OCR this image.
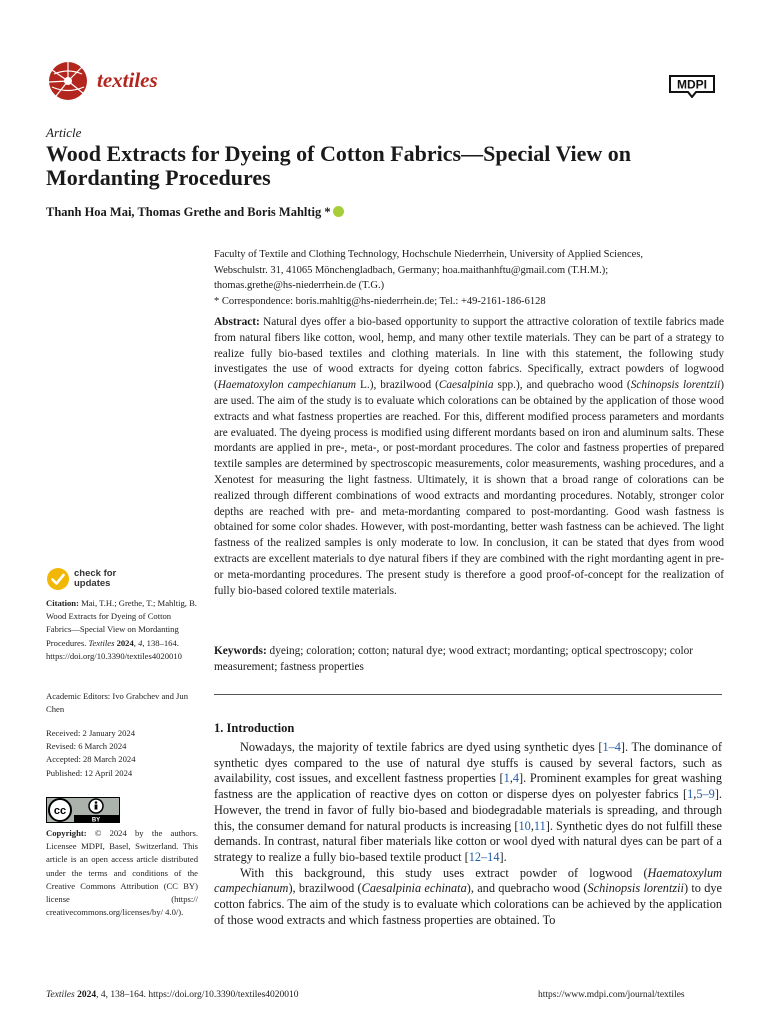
textiles	MDPI
Article
Wood Extracts for Dyeing of Cotton Fabrics—Special View on Mordanting Procedures
Thanh Hoa Mai, Thomas Grethe and Boris Mahltig *
Faculty of Textile and Clothing Technology, Hochschule Niederrhein, University of Applied Sciences,
Webschulstr. 31, 41065 Mönchengladbach, Germany; hoa.maithanhftu@gmail.com (T.H.M.);
thomas.grethe@hs-niederrhein.de (T.G.)
* Correspondence: boris.mahltig@hs-niederrhein.de; Tel.: +49-2161-186-6128
Abstract: Natural dyes offer a bio-based opportunity to support the attractive coloration of textile fabrics made from natural fibers like cotton, wool, hemp, and many other textile materials. They can be part of a strategy to realize fully bio-based textiles and clothing materials. In line with this statement, the following study investigates the use of wood extracts for dyeing cotton fabrics. Specifically, extract powders of logwood (Haematoxylon campechianum L.), brazilwood (Caesalpinia spp.), and quebracho wood (Schinopsis lorentzii) are used. The aim of the study is to evaluate which colorations can be obtained by the application of those wood extracts and what fastness properties are reached. For this, different modified process parameters and mordants are evaluated. The dyeing process is modified using different mordants based on iron and aluminum salts. These mordants are applied in pre-, meta-, or post-mordant procedures. The color and fastness properties of prepared textile samples are determined by spectroscopic measurements, color measurements, washing procedures, and a Xenotest for measuring the light fastness. Ultimately, it is shown that a broad range of colorations can be realized through different combinations of wood extracts and mordanting procedures. Notably, stronger color depths are reached with pre- and meta-mordanting compared to post-mordanting. Good wash fastness is obtained for some color shades. However, with post-mordanting, better wash fastness can be achieved. The light fastness of the realized samples is only moderate to low. In conclusion, it can be stated that dyes from wood extracts are excellent materials to dye natural fibers if they are combined with the right mordanting agent in pre- or meta-mordanting procedures. The present study is therefore a good proof-of-concept for the realization of fully bio-based colored textile materials.
Keywords: dyeing; coloration; cotton; natural dye; wood extract; mordanting; optical spectroscopy; color measurement; fastness properties
1. Introduction

Nowadays, the majority of textile fabrics are dyed using synthetic dyes [1–4]. The dominance of synthetic dyes compared to the use of natural dye stuffs is caused by several factors, such as availability, cost issues, and excellent fastness properties [1,4]. Prominent examples for great washing fastness are the application of reactive dyes on cotton or disperse dyes on polyester fabrics [1,5–9]. However, the trend in favor of fully bio-based and biodegradable materials is spreading, and through this, the consumer demand for natural products is increasing [10,11]. Synthetic dyes do not fulfill these demands. In contrast, natural fiber materials like cotton or wool dyed with natural dyes can be part of a strategy to realize a fully bio-based textile product [12–14].

With this background, this study uses extract powder of logwood (Haematoxylum campechianum), brazilwood (Caesalpinia echinata), and quebracho wood (Schinopsis lorentzii) to dye cotton fabrics. The aim of the study is to evaluate which colorations can be achieved by the application of those wood extracts and which fastness properties are obtained. To

check for
updates
Citation: Mai, T.H.; Grethe, T.; Mahltig, B. Wood Extracts for Dyeing of Cotton Fabrics—Special View on Mordanting Procedures. Textiles 2024, 4, 138–164. https://doi.org/10.3390/textiles4020010
Academic Editors: Ivo Grabchev and Jun Chen
Received: 2 January 2024
Revised: 6 March 2024
Accepted: 28 March 2024
Published: 12 April 2024
cc
BY
Copyright: © 2024 by the authors. Licensee MDPI, Basel, Switzerland. This article is an open access article distributed under the terms and conditions of the Creative Commons Attribution (CC BY) license (https:// creativecommons.org/licenses/by/ 4.0/).
Textiles 2024, 4, 138–164. https://doi.org/10.3390/textiles4020010	https://www.mdpi.com/journal/textiles
